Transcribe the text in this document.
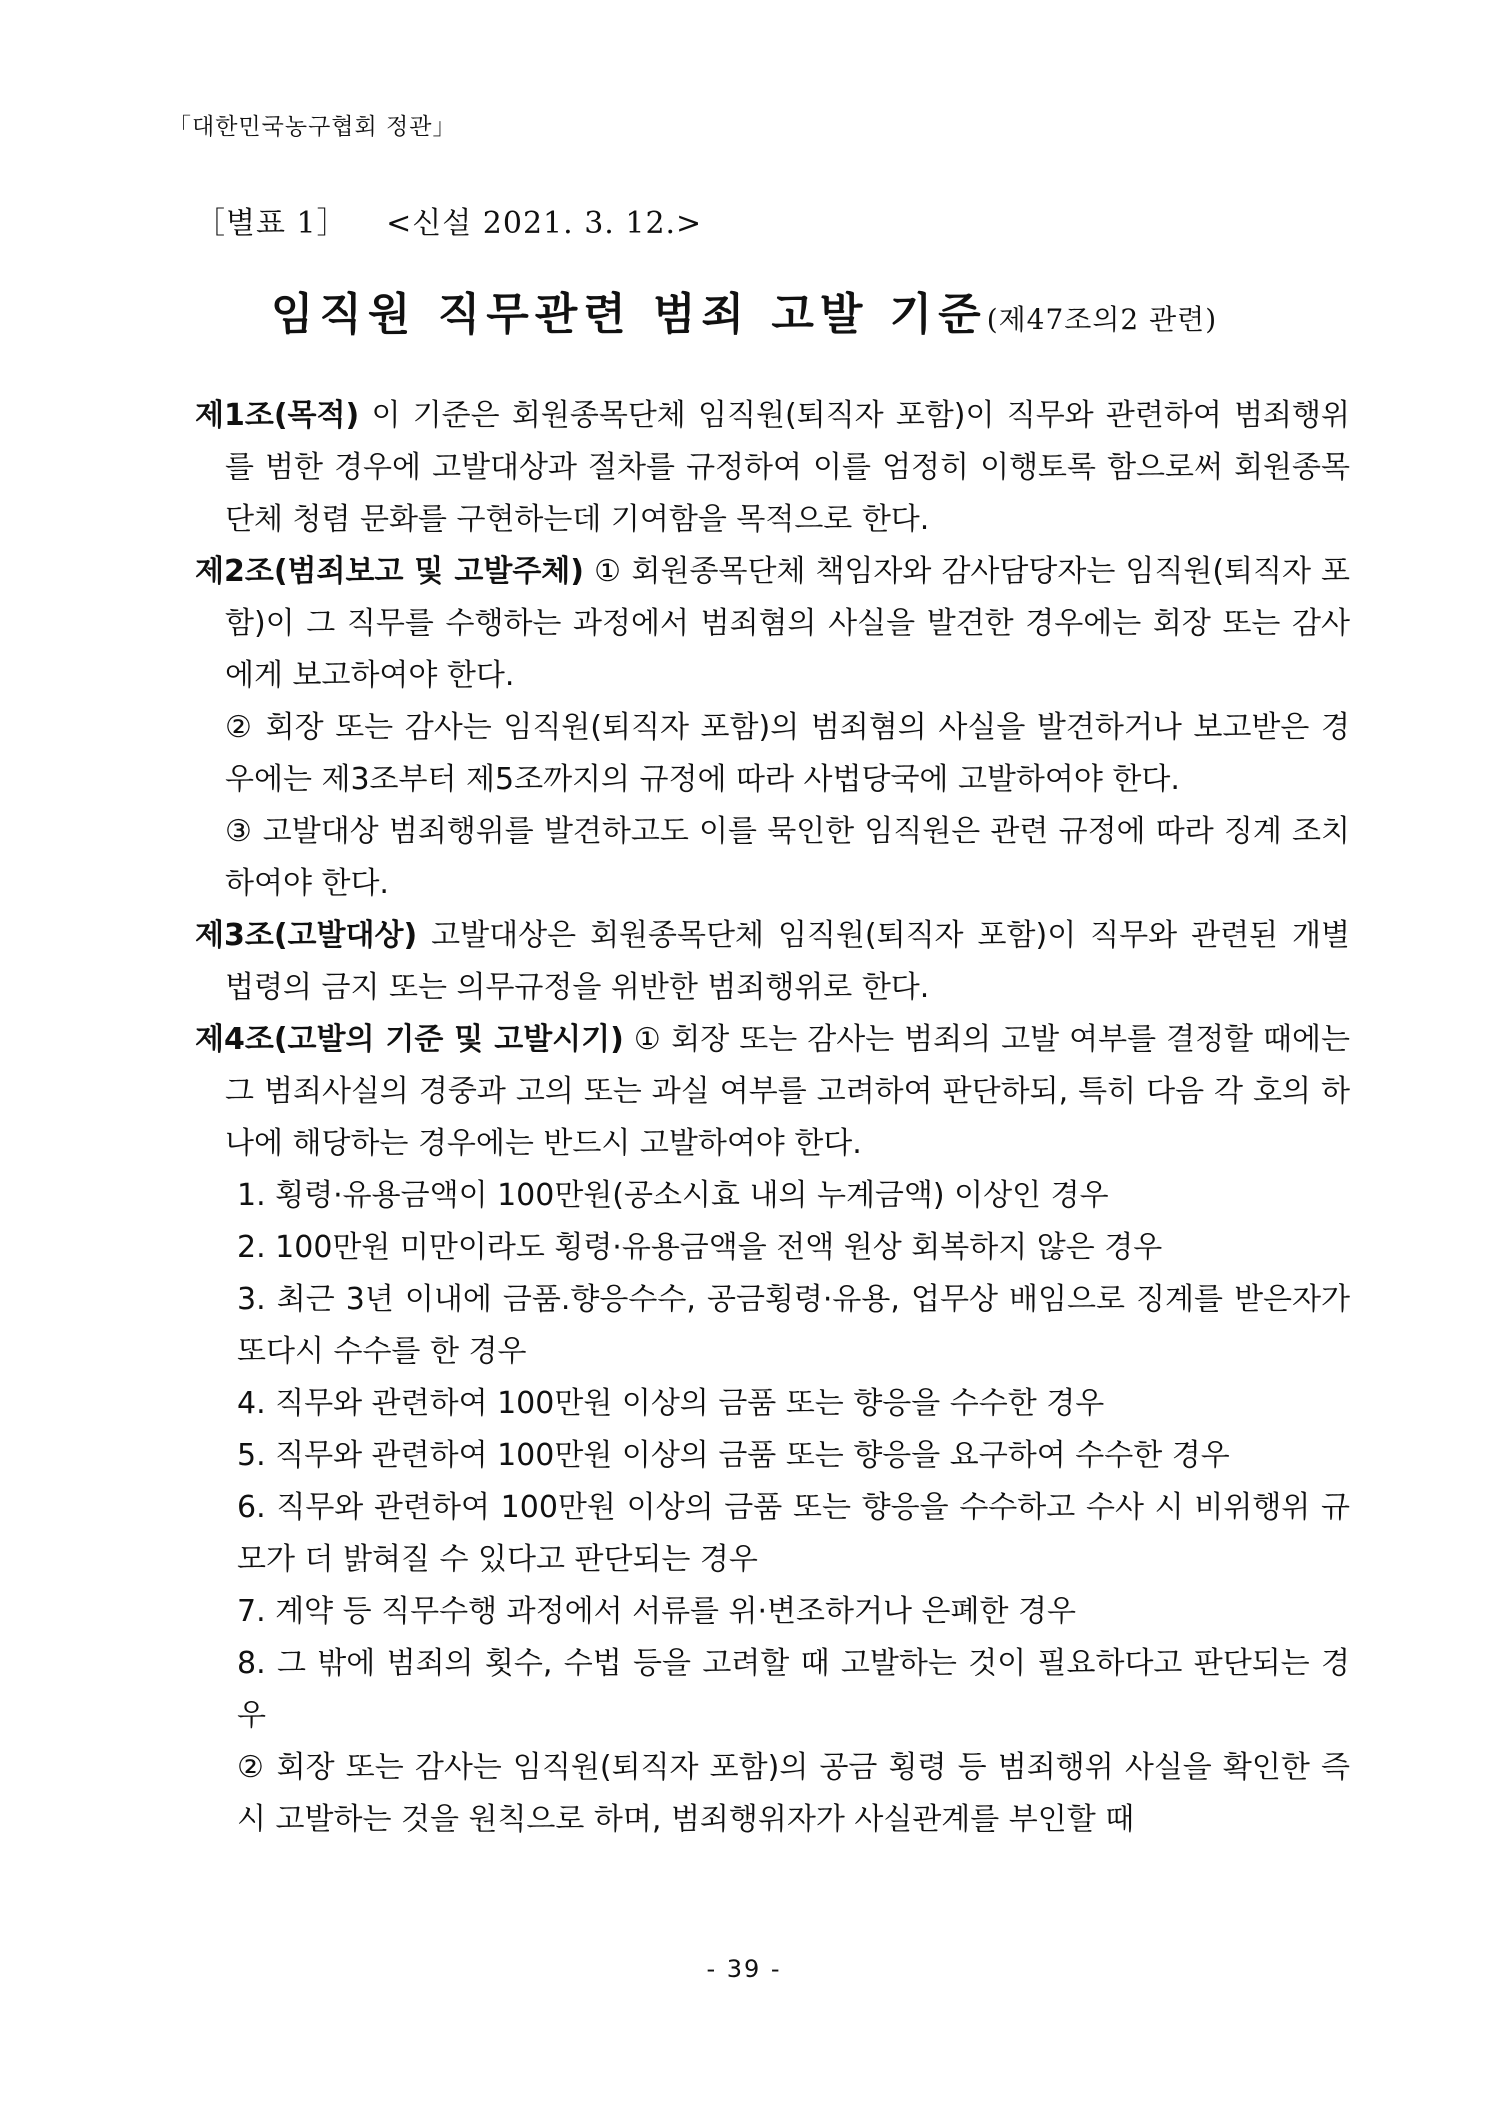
「대한민국농구협회 정관」
［별표 1］ <신설 2021. 3. 12.>
임직원 직무관련 범죄 고발 기준(제47조의2 관련)

제1조(목적) 이 기준은 회원종목단체 임직원(퇴직자 포함)이 직무와 관련하여 범죄행위를 범한 경우에 고발대상과 절차를 규정하여 이를 엄정히 이행토록 함으로써 회원종목단체 청렴 문화를 구현하는데 기여함을 목적으로 한다.

제2조(범죄보고 및 고발주체) ① 회원종목단체 책임자와 감사담당자는 임직원(퇴직자 포함)이 그 직무를 수행하는 과정에서 범죄혐의 사실을 발견한 경우에는 회장 또는 감사에게 보고하여야 한다.

② 회장 또는 감사는 임직원(퇴직자 포함)의 범죄혐의 사실을 발견하거나 보고받은 경우에는 제3조부터 제5조까지의 규정에 따라 사법당국에 고발하여야 한다.

③ 고발대상 범죄행위를 발견하고도 이를 묵인한 임직원은 관련 규정에 따라 징계 조치하여야 한다.

제3조(고발대상) 고발대상은 회원종목단체 임직원(퇴직자 포함)이 직무와 관련된 개별 법령의 금지 또는 의무규정을 위반한 범죄행위로 한다.

제4조(고발의 기준 및 고발시기) ① 회장 또는 감사는 범죄의 고발 여부를 결정할 때에는 그 범죄사실의 경중과 고의 또는 과실 여부를 고려하여 판단하되, 특히 다음 각 호의 하나에 해당하는 경우에는 반드시 고발하여야 한다.

1. 횡령·유용금액이 100만원(공소시효 내의 누계금액) 이상인 경우

2. 100만원 미만이라도 횡령·유용금액을 전액 원상 회복하지 않은 경우

3. 최근 3년 이내에 금품.향응수수, 공금횡령·유용, 업무상 배임으로 징계를 받은자가 또다시 수수를 한 경우

4. 직무와 관련하여 100만원 이상의 금품 또는 향응을 수수한 경우

5. 직무와 관련하여 100만원 이상의 금품 또는 향응을 요구하여 수수한 경우

6. 직무와 관련하여 100만원 이상의 금품 또는 향응을 수수하고 수사 시 비위행위 규모가 더 밝혀질 수 있다고 판단되는 경우

7. 계약 등 직무수행 과정에서 서류를 위·변조하거나 은폐한 경우

8. 그 밖에 범죄의 횟수, 수법 등을 고려할 때 고발하는 것이 필요하다고 판단되는 경우

② 회장 또는 감사는 임직원(퇴직자 포함)의 공금 횡령 등 범죄행위 사실을 확인한 즉시 고발하는 것을 원칙으로 하며, 범죄행위자가 사실관계를 부인할 때

- 39 -
